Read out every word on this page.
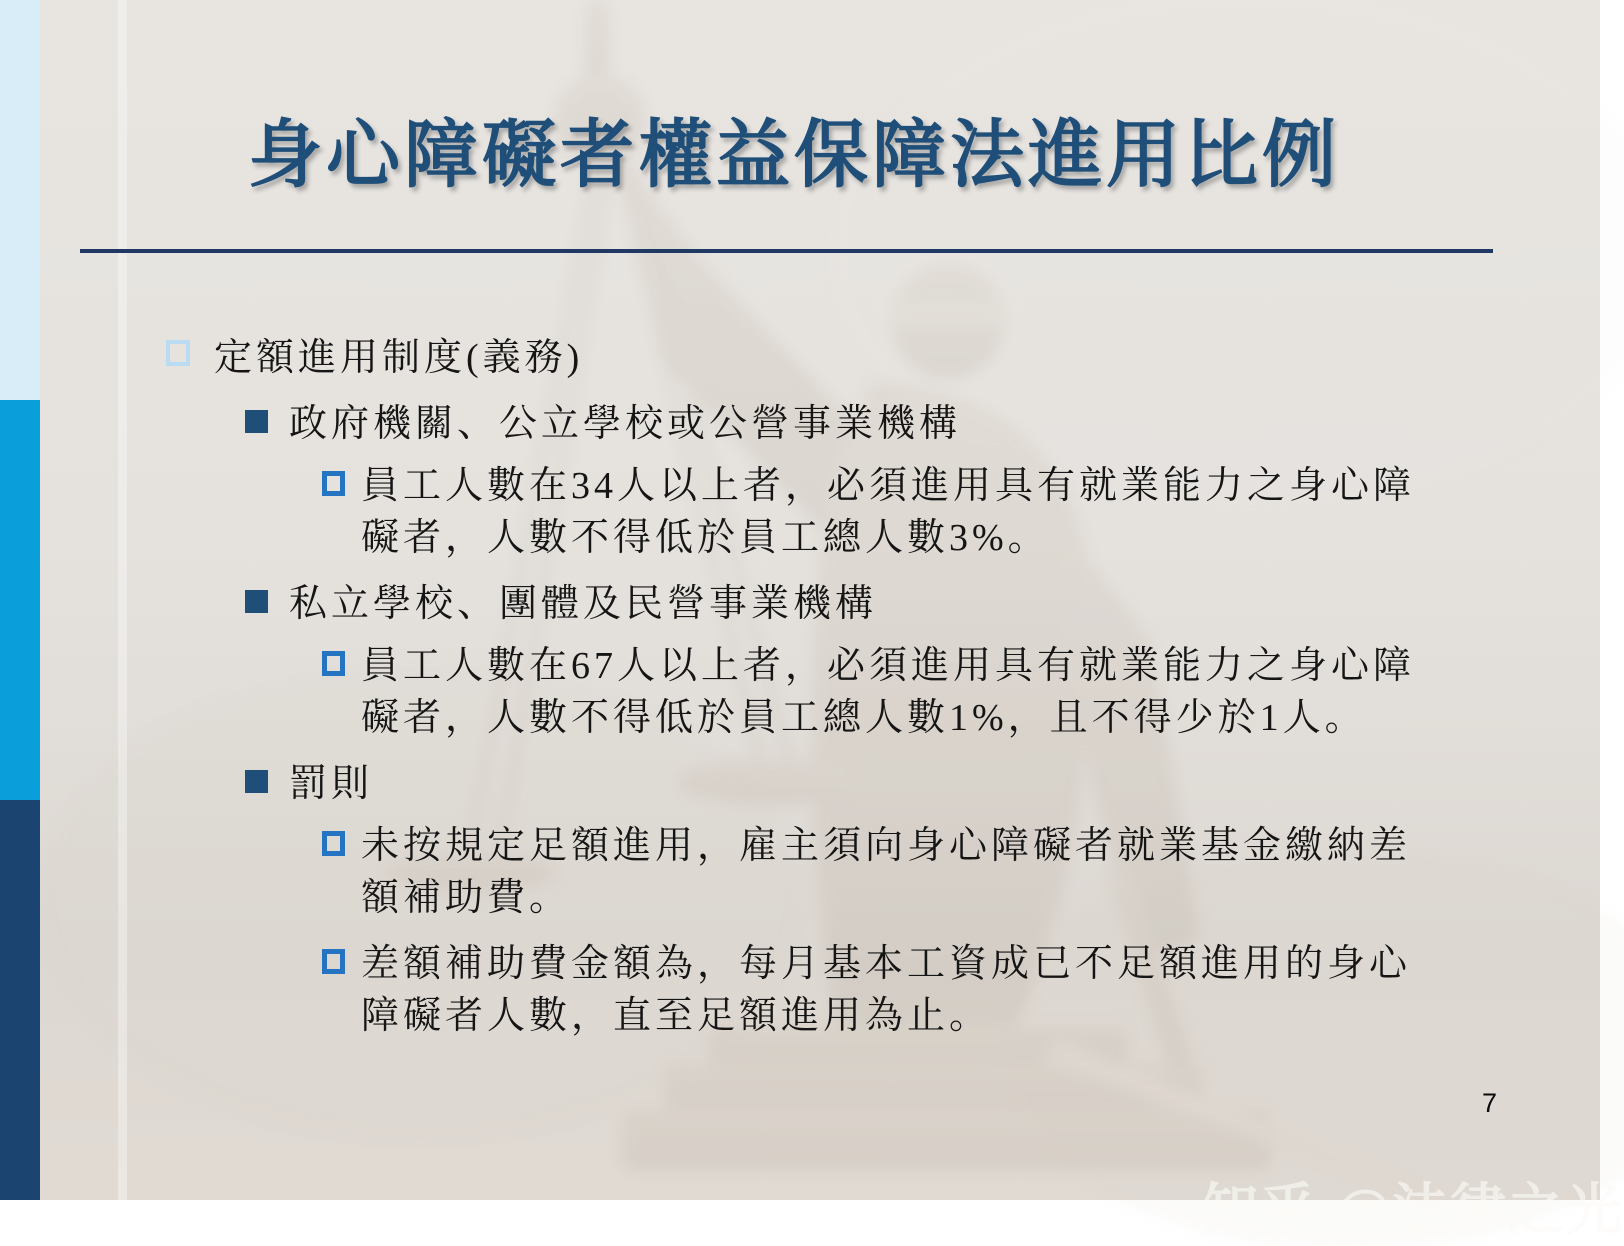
身心障礙者權益保障法進用比例
定額進用制度(義務)
政府機關、公立學校或公營事業機構
員工人數在34人以上者，必須進用具有就業能力之身心障礙者，人數不得低於員工總人數3%。
私立學校、團體及民營事業機構
員工人數在67人以上者，必須進用具有就業能力之身心障礙者，人數不得低於員工總人數1%，且不得少於1人。
罰則
未按規定足額進用，雇主須向身心障礙者就業基金繳納差額補助費。
差額補助費金額為，每月基本工資成已不足額進用的身心障礙者人數，直至足額進用為止。
7
知乎 @法律之光
